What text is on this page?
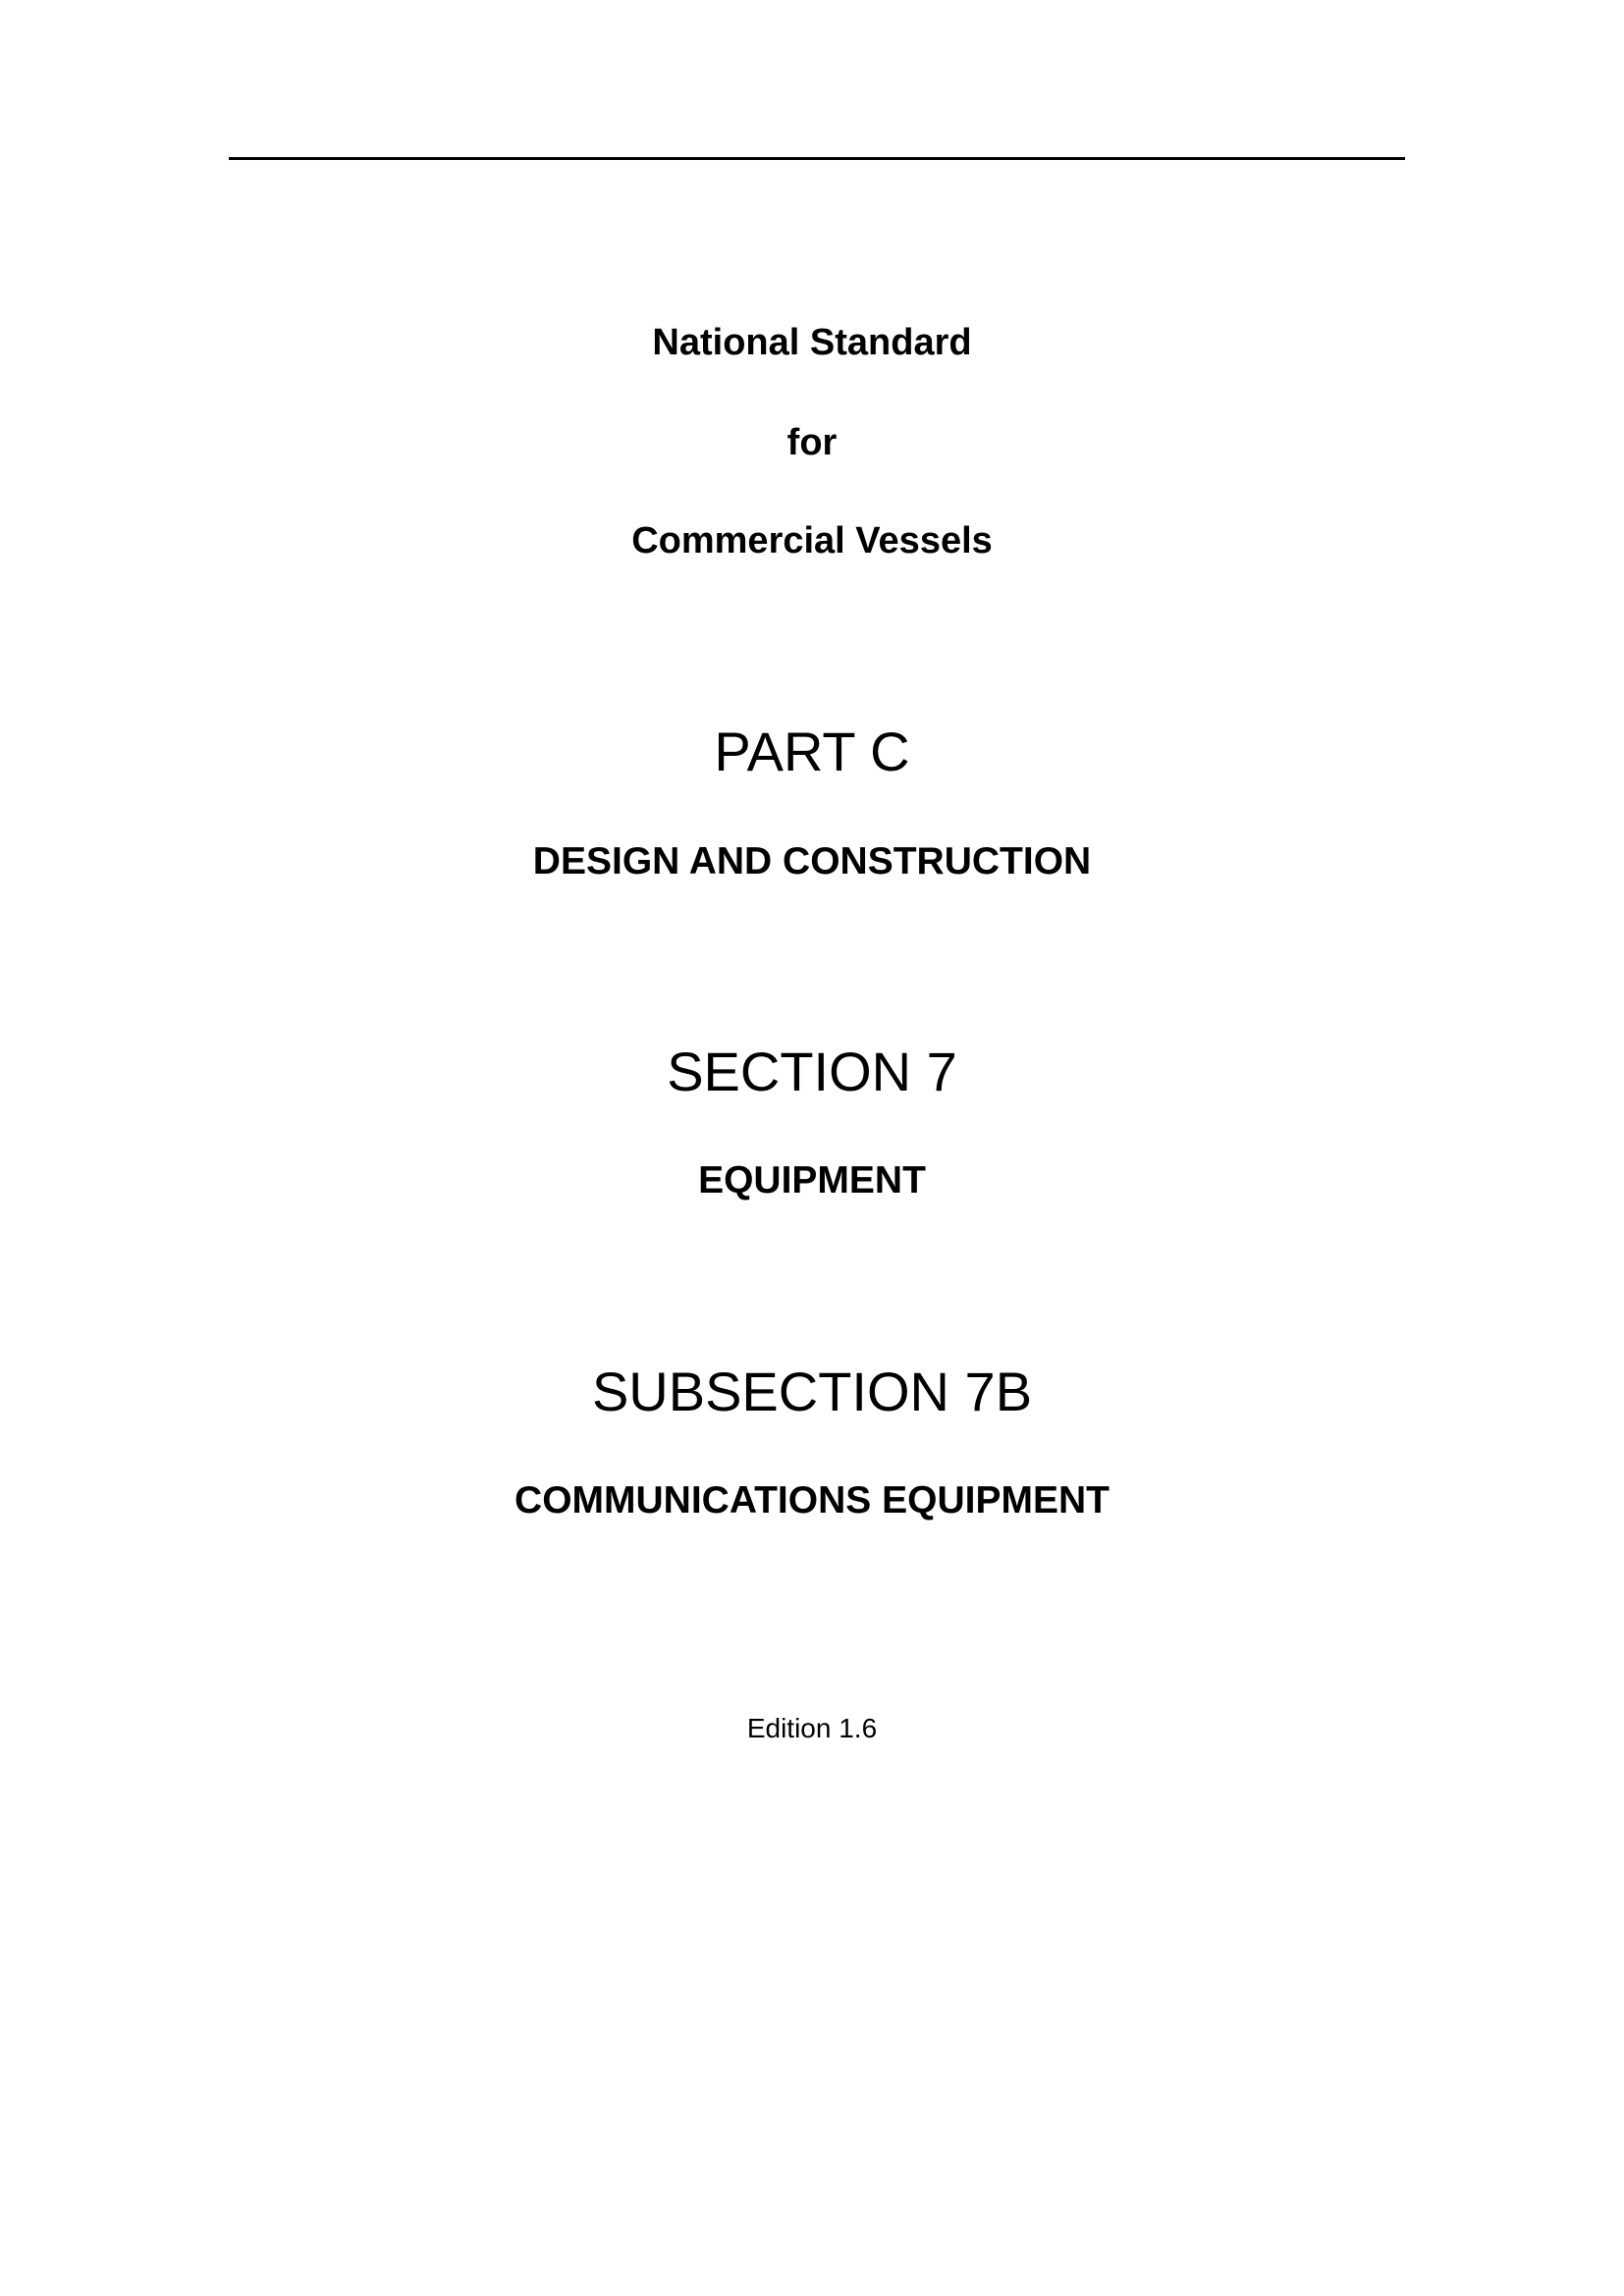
National Standard
for
Commercial Vessels
PART C
DESIGN AND CONSTRUCTION
SECTION 7
EQUIPMENT
SUBSECTION 7B
COMMUNICATIONS EQUIPMENT
Edition 1.6
